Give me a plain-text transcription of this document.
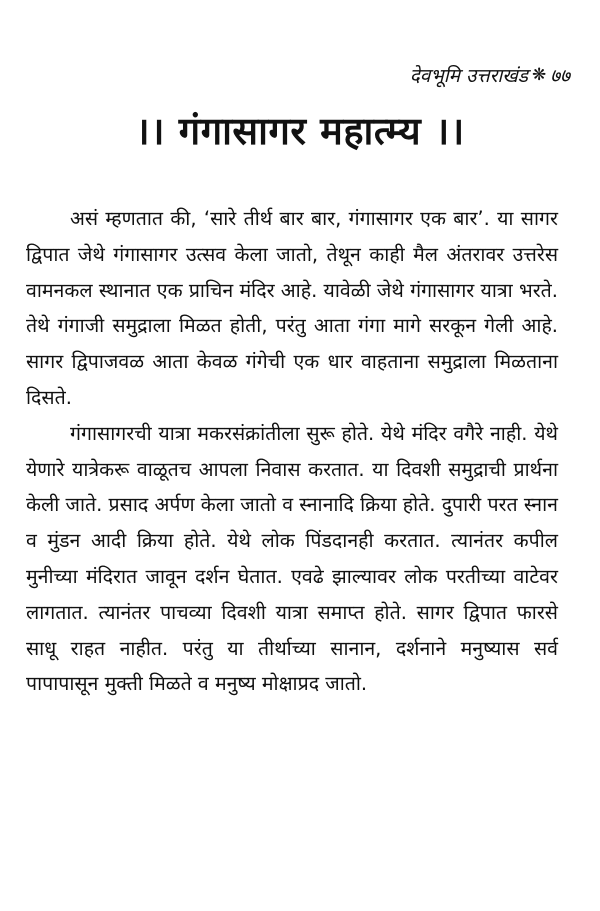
देवभूमि उत्तराखंड ❋ ७७
।। गंगासागर महात्म्य ।।

असं म्हणतात की, ‘सारे तीर्थ बार बार, गंगासागर एक बार’. या सागर द्विपात जेथे गंगासागर उत्सव केला जातो, तेथून काही मैल अंतरावर उत्तरेस वामनकल स्थानात एक प्राचिन मंदिर आहे. यावेळी जेथे गंगासागर यात्रा भरते. तेथे गंगाजी समुद्राला मिळत होती, परंतु आता गंगा मागे सरकून गेली आहे. सागर द्विपाजवळ आता केवळ गंगेची एक धार वाहताना समुद्राला मिळताना दिसते.

गंगासागरची यात्रा मकरसंक्रांतीला सुरू होते. येथे मंदिर वगैरे नाही. येथे येणारे यात्रेकरू वाळूतच आपला निवास करतात. या दिवशी समुद्राची प्रार्थना केली जाते. प्रसाद अर्पण केला जातो व स्नानादि क्रिया होते. दुपारी परत स्नान व मुंडन आदी क्रिया होते. येथे लोक पिंडदानही करतात. त्यानंतर कपील मुनीच्या मंदिरात जावून दर्शन घेतात. एवढे झाल्यावर लोक परतीच्या वाटेवर लागतात. त्यानंतर पाचव्या दिवशी यात्रा समाप्त होते. सागर द्विपात फारसे साधू राहत नाहीत. परंतु या तीर्थाच्या सानान, दर्शनाने मनुष्यास सर्व पापापासून मुक्ती मिळते व मनुष्य मोक्षाप्रद जातो.
